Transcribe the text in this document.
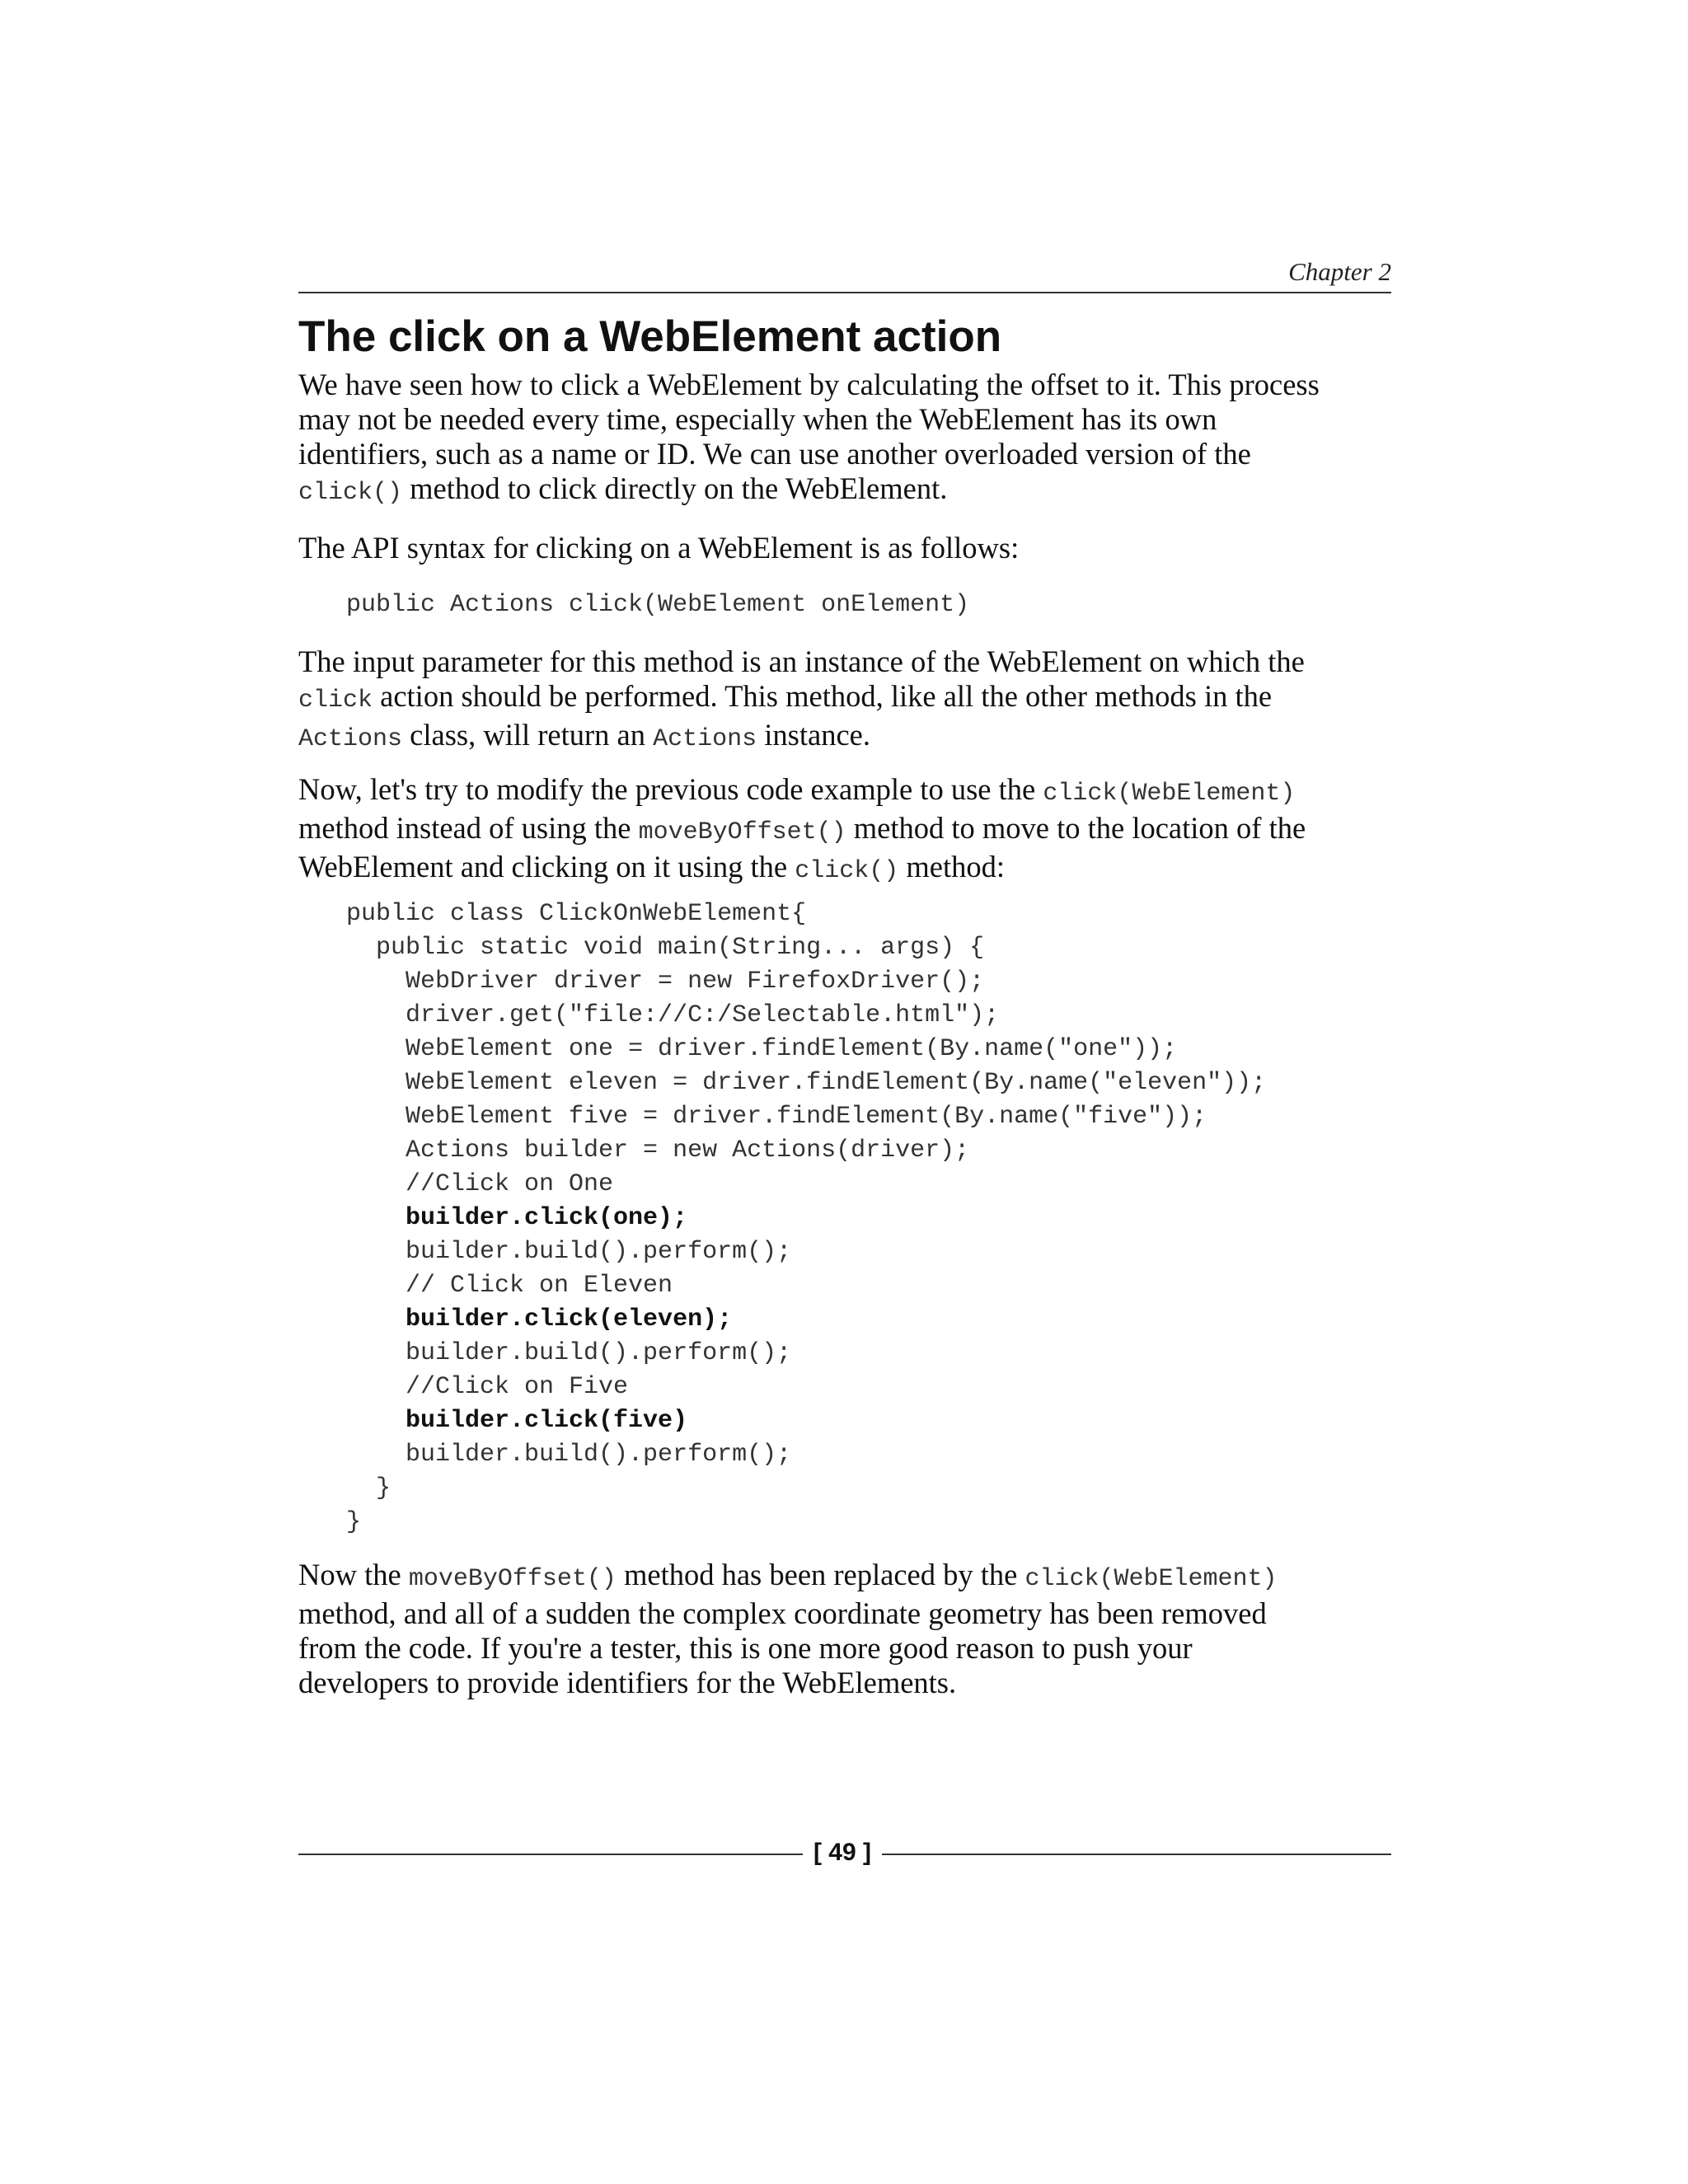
Chapter 2
The click on a WebElement action
We have seen how to click a WebElement by calculating the offset to it. This process
may not be needed every time, especially when the WebElement has its own
identifiers, such as a name or ID. We can use another overloaded version of the
click() method to click directly on the WebElement.
The API syntax for clicking on a WebElement is as follows:
public Actions click(WebElement onElement)
The input parameter for this method is an instance of the WebElement on which the
click action should be performed. This method, like all the other methods in the
Actions class, will return an Actions instance.
Now, let's try to modify the previous code example to use the click(WebElement)
method instead of using the moveByOffset() method to move to the location of the
WebElement and clicking on it using the click() method:
public class ClickOnWebElement{
public static void main(String... args) {
WebDriver driver = new FirefoxDriver();
driver.get("file://C:/Selectable.html");
WebElement one = driver.findElement(By.name("one"));
WebElement eleven = driver.findElement(By.name("eleven"));
WebElement five = driver.findElement(By.name("five"));
Actions builder = new Actions(driver);
//Click on One
builder.click(one);
builder.build().perform();
// Click on Eleven
builder.click(eleven);
builder.build().perform();
//Click on Five
builder.click(five)
builder.build().perform();
}
}
Now the moveByOffset() method has been replaced by the click(WebElement)
method, and all of a sudden the complex coordinate geometry has been removed
from the code. If you're a tester, this is one more good reason to push your
developers to provide identifiers for the WebElements.
[ 49 ]
